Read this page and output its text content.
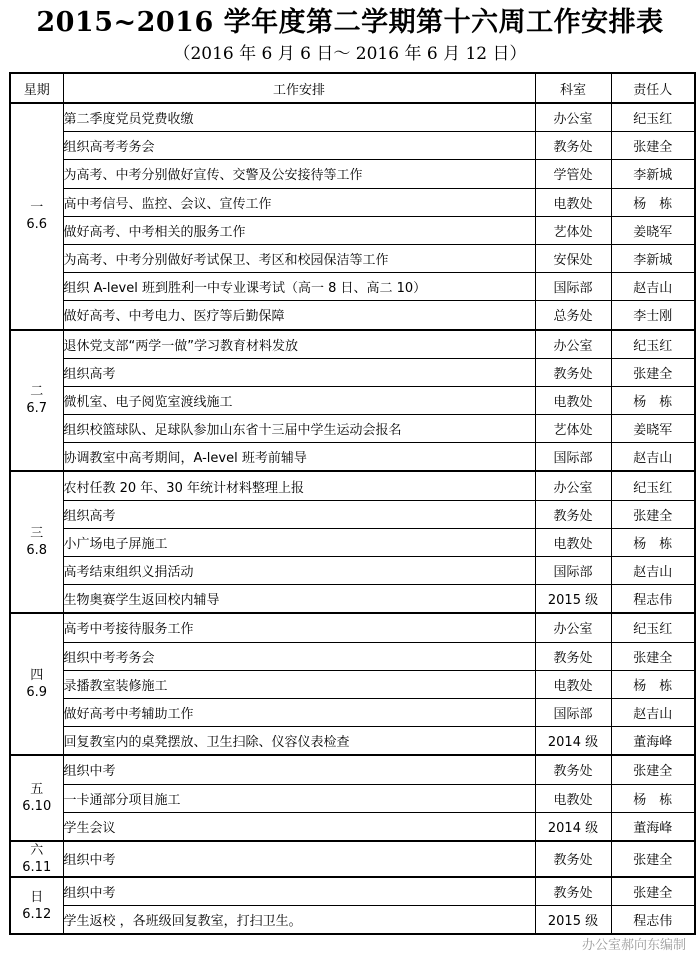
2015~2016 学年度第二学期第十六周工作安排表
（2016 年 6 月 6 日～ 2016 年 6 月 12 日）
星期	工作安排	科室	责任人

一
6.6	第二季度党员党费收缴	办公室	纪玉红
	组织高考考务会	教务处	张建全
	为高考、中考分别做好宣传、交警及公安接待等工作	学管处	李新城
	高中考信号、监控、会议、宣传工作	电教处	杨　栋
	做好高考、中考相关的服务工作	艺体处	姜晓军
	为高考、中考分别做好考试保卫、考区和校园保洁等工作	安保处	李新城
	组织 A-level 班到胜利一中专业课考试（高一 8 日、高二 10）	国际部	赵吉山
	做好高考、中考电力、医疗等后勤保障	总务处	李士刚

二
6.7	退休党支部“两学一做”学习教育材料发放	办公室	纪玉红
	组织高考	教务处	张建全
	微机室、电子阅览室渡线施工	电教处	杨　栋
	组织校篮球队、足球队参加山东省十三届中学生运动会报名	艺体处	姜晓军
	协调教室中高考期间，A-level 班考前辅导	国际部	赵吉山

三
6.8	农村任教 20 年、30 年统计材料整理上报	办公室	纪玉红
	组织高考	教务处	张建全
	小广场电子屏施工	电教处	杨　栋
	高考结束组织义捐活动	国际部	赵吉山
	生物奥赛学生返回校内辅导	2015 级	程志伟

四
6.9	高考中考接待服务工作	办公室	纪玉红
	组织中考考务会	教务处	张建全
	录播教室装修施工	电教处	杨　栋
	做好高考中考辅助工作	国际部	赵吉山
	回复教室内的桌凳摆放、卫生扫除、仪容仪表检查	2014 级	董海峰

五
6.10	组织中考	教务处	张建全
	一卡通部分项目施工	电教处	杨　栋
	学生会议	2014 级	董海峰

六
6.11	组织中考	教务处	张建全

日
6.12	组织中考	教务处	张建全
	学生返校 ，各班级回复教室，打扫卫生。	2015 级	程志伟
办公室郝向东编制
